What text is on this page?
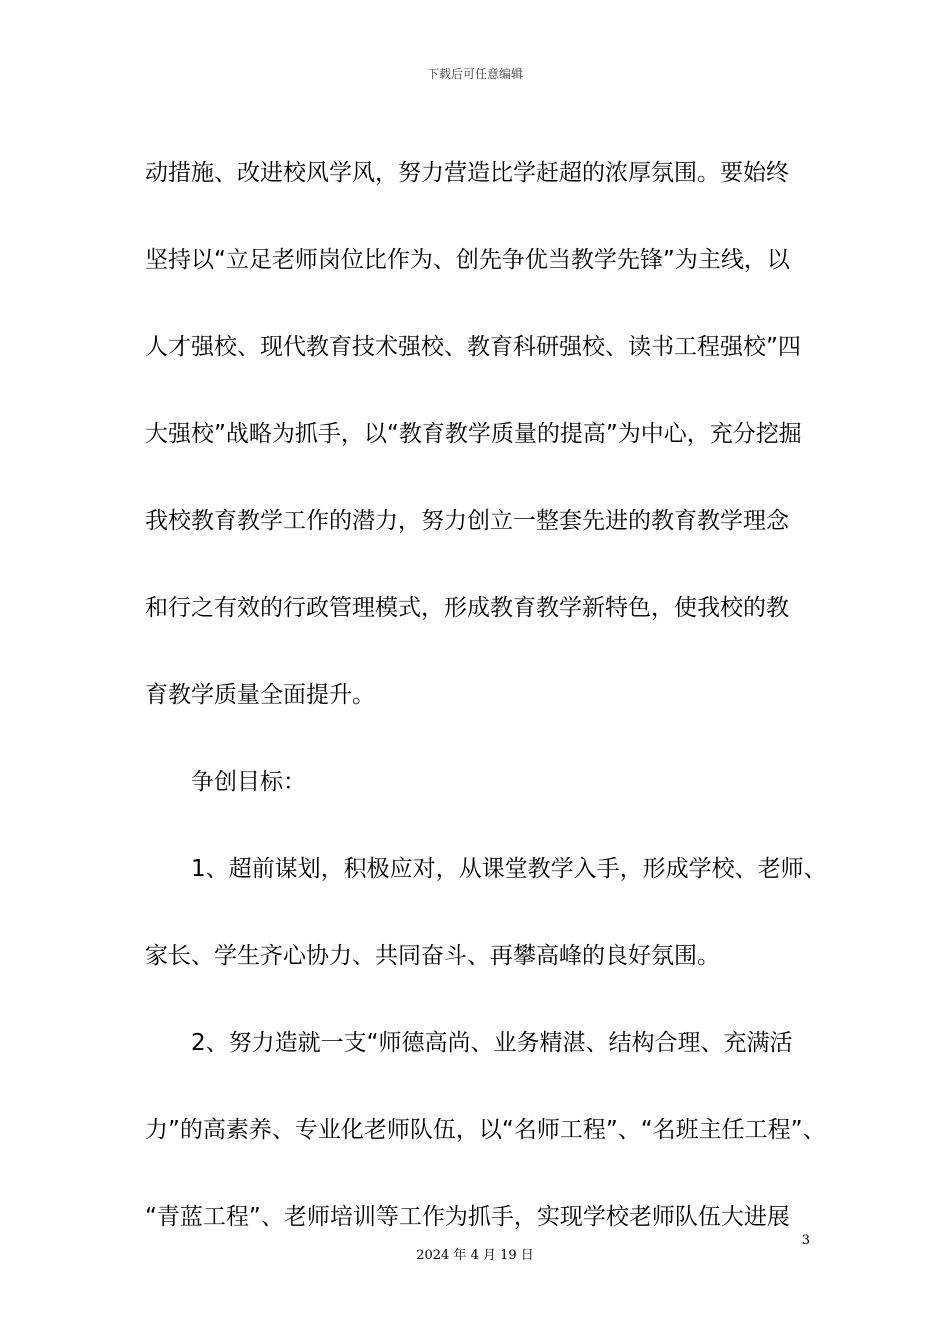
下载后可任意编辑
动措施、改进校风学风，努力营造比学赶超的浓厚氛围。要始终
坚持以“立足老师岗位比作为、创先争优当教学先锋”为主线，以
人才强校、现代教育技术强校、教育科研强校、读书工程强校”四
大强校”战略为抓手，以“教育教学质量的提高”为中心，充分挖掘
我校教育教学工作的潜力，努力创立一整套先进的教育教学理念
和行之有效的行政管理模式，形成教育教学新特色，使我校的教
育教学质量全面提升。
争创目标：
1、超前谋划，积极应对，从课堂教学入手，形成学校、老师、
家长、学生齐心协力、共同奋斗、再攀高峰的良好氛围。
2、努力造就一支“师德高尚、业务精湛、结构合理、充满活
力”的高素养、专业化老师队伍，以“名师工程”、“名班主任工程”、
“青蓝工程”、老师培训等工作为抓手，实现学校老师队伍大进展
3
2024 年 4 月 19 日
